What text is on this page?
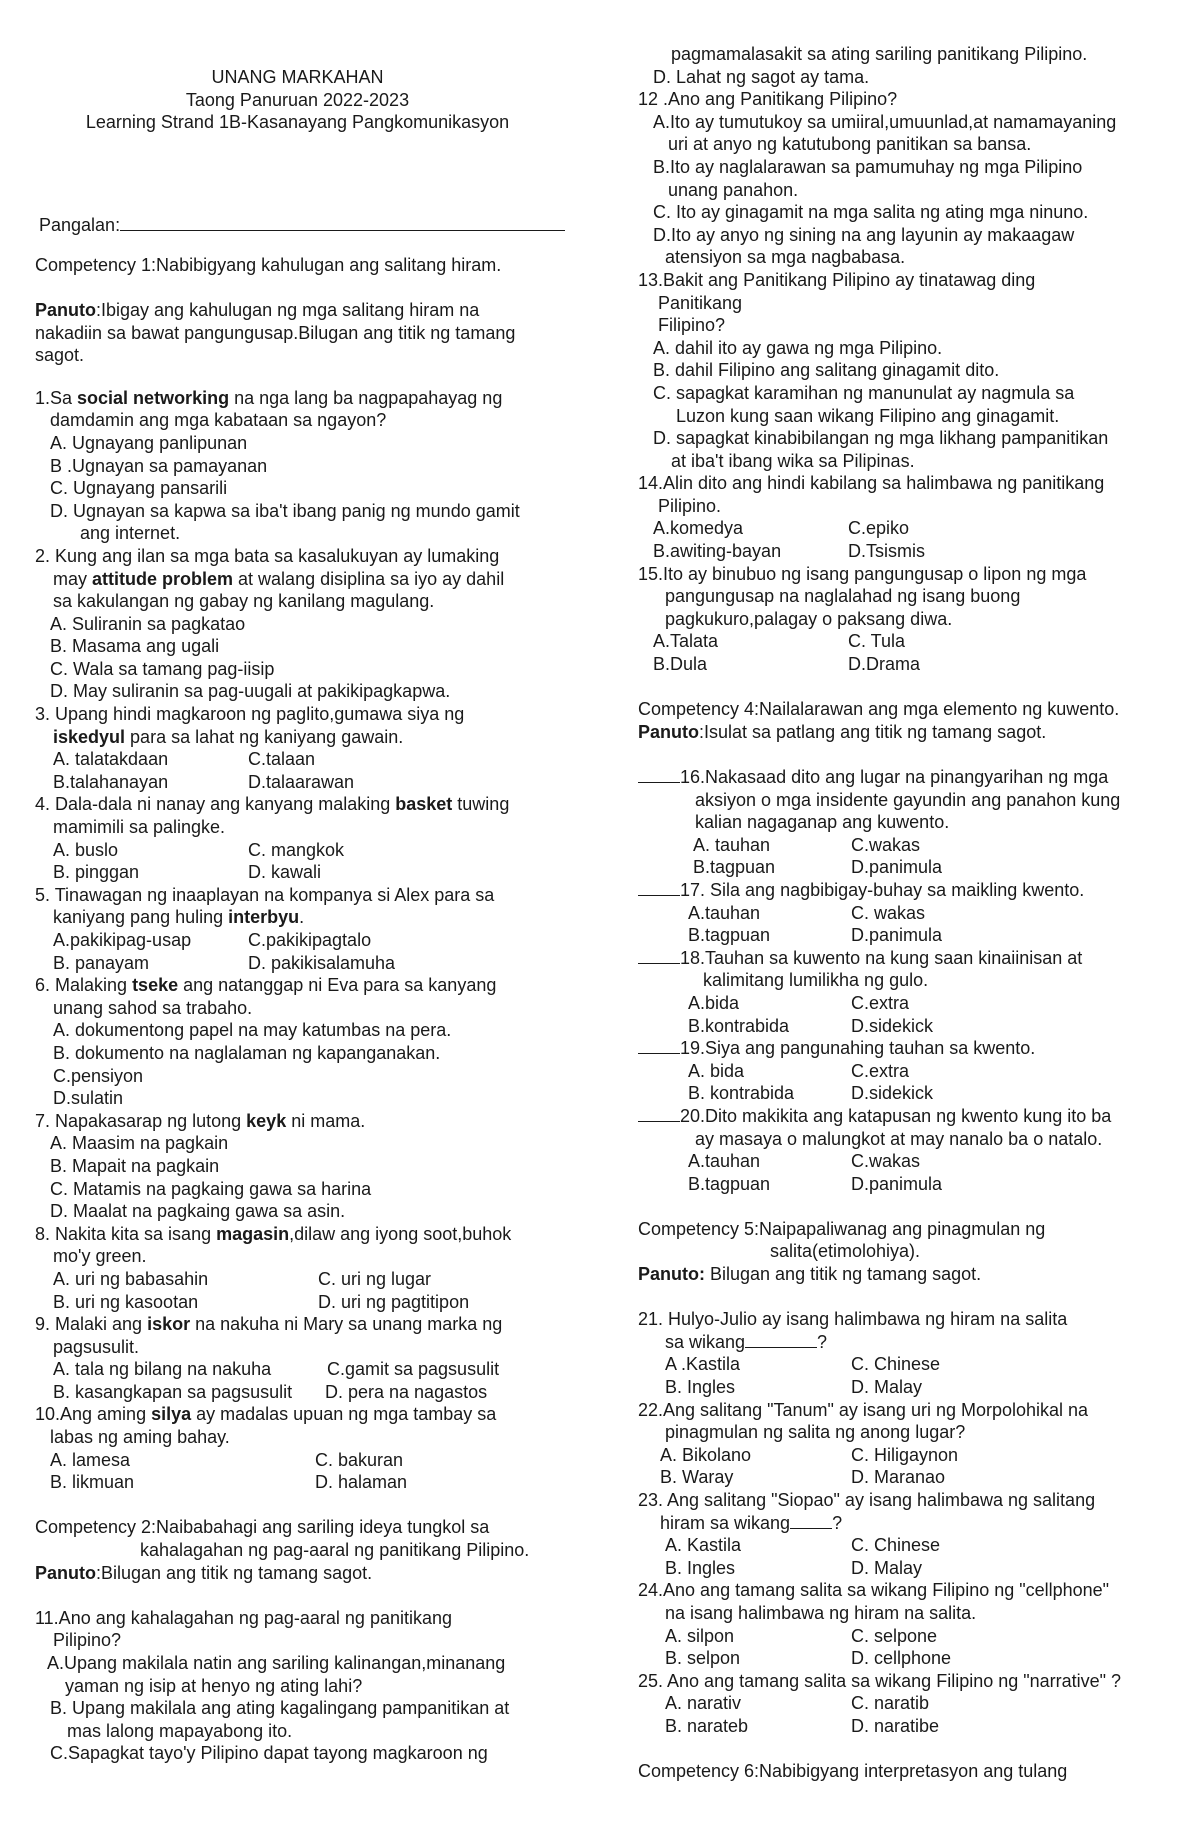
UNANG MARKAHAN
Taong Panuruan 2022-2023
Learning Strand 1B-Kasanayang Pangkomunikasyon
Pangalan:
Competency 1:Nabibigyang kahulugan ang salitang hiram.
Panuto:Ibigay ang kahulugan ng mga salitang hiram na
nakadiin sa bawat pangungusap.Bilugan ang titik ng tamang
sagot.
1.Sa social networking na nga lang ba nagpapahayag ng
damdamin ang mga kabataan sa ngayon?
A. Ugnayang panlipunan
B .Ugnayan sa pamayanan
C. Ugnayang pansarili
D. Ugnayan sa kapwa sa iba't ibang panig ng mundo gamit
ang internet.
2. Kung ang ilan sa mga bata sa kasalukuyan ay lumaking
may attitude problem at walang disiplina sa iyo ay dahil
sa kakulangan ng gabay ng kanilang magulang.
A. Suliranin sa pagkatao
B. Masama ang ugali
C. Wala sa tamang pag-iisip
D. May suliranin sa pag-uugali at pakikipagkapwa.
3. Upang hindi magkaroon ng paglito,gumawa siya ng
iskedyul para sa lahat ng kaniyang gawain.
A. talatakdaan	C.talaan
B.talahanayan	D.talaarawan
4. Dala-dala ni nanay ang kanyang malaking basket tuwing
mamimili sa palingke.
A. buslo	C. mangkok
B. pinggan	D. kawali
5. Tinawagan ng inaaplayan na kompanya si Alex para sa
kaniyang pang huling interbyu.
A.pakikipag-usap	C.pakikipagtalo
B. panayam	D. pakikisalamuha
6. Malaking tseke ang natanggap ni Eva para sa kanyang
unang sahod sa trabaho.
A. dokumentong papel na may katumbas na pera.
B. dokumento na naglalaman ng kapanganakan.
C.pensiyon
D.sulatin
7. Napakasarap ng lutong keyk ni mama.
A. Maasim na pagkain
B. Mapait na pagkain
C. Matamis na pagkaing gawa sa harina
D. Maalat na pagkaing gawa sa asin.
8. Nakita kita sa isang magasin,dilaw ang iyong soot,buhok
mo'y green.
A. uri ng babasahin	C. uri ng lugar
B. uri ng kasootan	D. uri ng pagtitipon
9. Malaki ang iskor na nakuha ni Mary sa unang marka ng
pagsusulit.
A. tala ng bilang na nakuha	C.gamit sa pagsusulit
B. kasangkapan sa pagsusulit	D. pera na nagastos
10.Ang aming silya ay madalas upuan ng mga tambay sa
labas ng aming bahay.
A. lamesa	C. bakuran
B. likmuan	D. halaman
Competency 2:Naibabahagi ang sariling ideya tungkol sa
kahalagahan ng pag-aaral ng panitikang Pilipino.
Panuto:Bilugan ang titik ng tamang sagot.
11.Ano ang kahalagahan ng pag-aaral ng panitikang
Pilipino?
A.Upang makilala natin ang sariling kalinangan,minanang
yaman ng isip at henyo ng ating lahi?
B. Upang makilala ang ating kagalingang pampanitikan at
mas lalong mapayabong ito.
C.Sapagkat tayo'y Pilipino dapat tayong magkaroon ng
pagmamalasakit sa ating sariling panitikang Pilipino.
D. Lahat ng sagot ay tama.
12 .Ano ang Panitikang Pilipino?
A.Ito ay tumutukoy sa umiiral,umuunlad,at namamayaning
uri at anyo ng katutubong panitikan sa bansa.
B.Ito ay naglalarawan sa pamumuhay ng mga Pilipino
unang panahon.
C. Ito ay ginagamit na mga salita ng ating mga ninuno.
D.Ito ay anyo ng sining na ang layunin ay makaagaw
atensiyon sa mga nagbabasa.
13.Bakit ang Panitikang Pilipino ay tinatawag ding
Panitikang
Filipino?
A. dahil ito ay gawa ng mga Pilipino.
B. dahil Filipino ang salitang ginagamit dito.
C. sapagkat karamihan ng manunulat ay nagmula sa
Luzon kung saan wikang Filipino ang ginagamit.
D. sapagkat kinabibilangan ng mga likhang pampanitikan
at iba't ibang wika sa Pilipinas.
14.Alin dito ang hindi kabilang sa halimbawa ng panitikang
Pilipino.
A.komedya	C.epiko
B.awiting-bayan	D.Tsismis
15.Ito ay binubuo ng isang pangungusap o lipon ng mga
pangungusap na naglalahad ng isang buong
pagkukuro,palagay o paksang diwa.
A.Talata	C. Tula
B.Dula	D.Drama
Competency 4:Nailalarawan ang mga elemento ng kuwento.
Panuto:Isulat sa patlang ang titik ng tamang sagot.
16.Nakasaad dito ang lugar na pinangyarihan ng mga
aksiyon o mga insidente gayundin ang panahon kung
kalian nagaganap ang kuwento.
A. tauhan	C.wakas
B.tagpuan	D.panimula
17. Sila ang nagbibigay-buhay sa maikling kwento.
A.tauhan	C. wakas
B.tagpuan	D.panimula
18.Tauhan sa kuwento na kung saan kinaiinisan at
kalimitang lumilikha ng gulo.
A.bida	C.extra
B.kontrabida	D.sidekick
19.Siya ang pangunahing tauhan sa kwento.
A. bida	C.extra
B. kontrabida	D.sidekick
20.Dito makikita ang katapusan ng kwento kung ito ba
ay masaya o malungkot at may nanalo ba o natalo.
A.tauhan	C.wakas
B.tagpuan	D.panimula
Competency 5:Naipapaliwanag ang pinagmulan ng
salita(etimolohiya).
Panuto: Bilugan ang titik ng tamang sagot.
21. Hulyo-Julio ay isang halimbawa ng hiram na salita
sa wikang	?
A .Kastila	C. Chinese
B. Ingles	D. Malay
22.Ang salitang "Tanum" ay isang uri ng Morpolohikal na
pinagmulan ng salita ng anong lugar?
A. Bikolano	C. Hiligaynon
B. Waray	D. Maranao
23. Ang salitang "Siopao" ay isang halimbawa ng salitang
hiram sa wikang ?
A. Kastila	C. Chinese
B. Ingles	D. Malay
24.Ano ang tamang salita sa wikang Filipino ng "cellphone"
na isang halimbawa ng hiram na salita.
A. silpon	C. selpone
B. selpon	D. cellphone
25. Ano ang tamang salita sa wikang Filipino ng "narrative" ?
A. narativ	C. naratib
B. narateb	D. naratibe
Competency 6:Nabibigyang interpretasyon ang tulang
